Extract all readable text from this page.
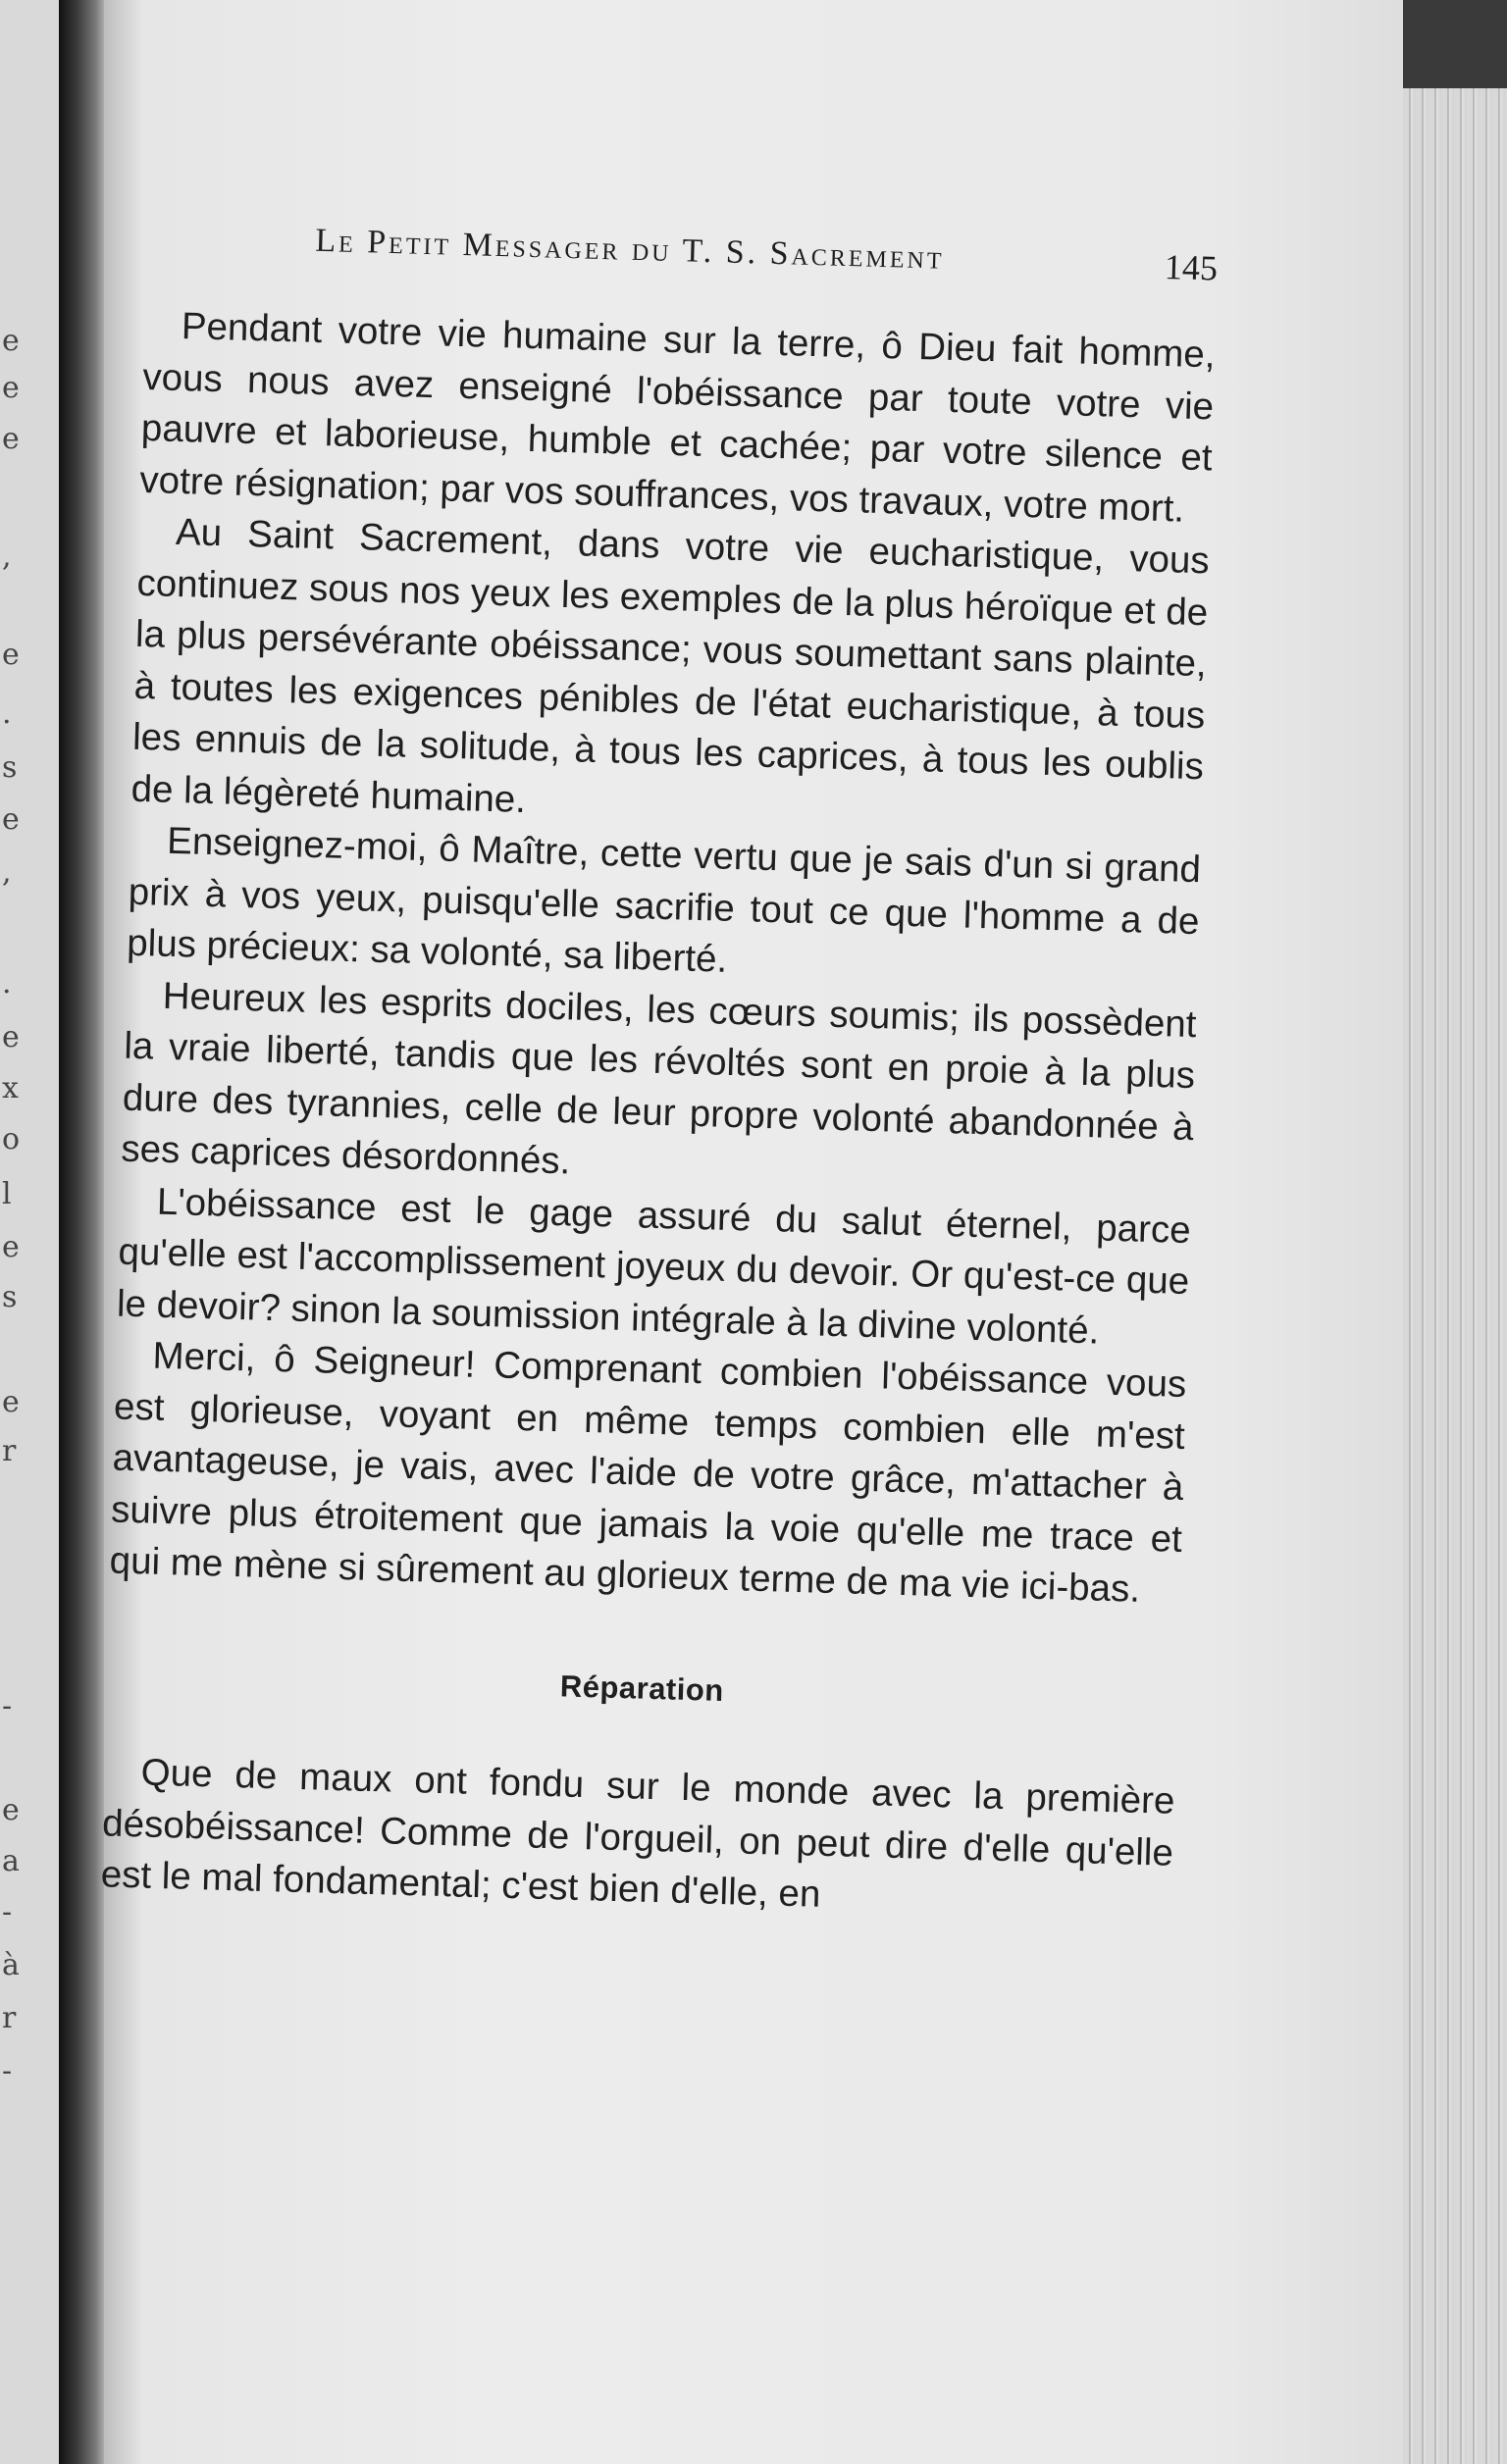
e
e
e
,
e
.
s
e
,
.
e
x
o
l
e
s
e
r
-
e
a
-
à
r
-
Le Petit Messager du T. S. Sacrement	145

Pendant votre vie humaine sur la terre, ô Dieu fait homme, vous nous avez enseigné l'obéissance par toute votre vie pauvre et laborieuse, humble et cachée; par votre silence et votre résignation; par vos souffrances, vos travaux, votre mort.

Au Saint Sacrement, dans votre vie eucharistique, vous continuez sous nos yeux les exemples de la plus héroïque et de la plus persévérante obéissance; vous soumettant sans plainte, à toutes les exigences pénibles de l'état eucharistique, à tous les ennuis de la solitude, à tous les caprices, à tous les oublis de la légèreté humaine.

Enseignez-moi, ô Maître, cette vertu que je sais d'un si grand prix à vos yeux, puisqu'elle sacrifie tout ce que l'homme a de plus précieux: sa volonté, sa liberté.

Heureux les esprits dociles, les cœurs soumis; ils possèdent la vraie liberté, tandis que les révoltés sont en proie à la plus dure des tyrannies, celle de leur propre volonté abandonnée à ses caprices désordonnés.

L'obéissance est le gage assuré du salut éternel, parce qu'elle est l'accomplissement joyeux du devoir. Or qu'est-ce que le devoir? sinon la soumission intégrale à la divine volonté.

Merci, ô Seigneur! Comprenant combien l'obéissance vous est glorieuse, voyant en même temps combien elle m'est avantageuse, je vais, avec l'aide de votre grâce, m'attacher à suivre plus étroitement que jamais la voie qu'elle me trace et qui me mène si sûrement au glorieux terme de ma vie ici-bas.

Réparation

Que de maux ont fondu sur le monde avec la première désobéissance! Comme de l'orgueil, on peut dire d'elle qu'elle est le mal fondamental; c'est bien d'elle, en
